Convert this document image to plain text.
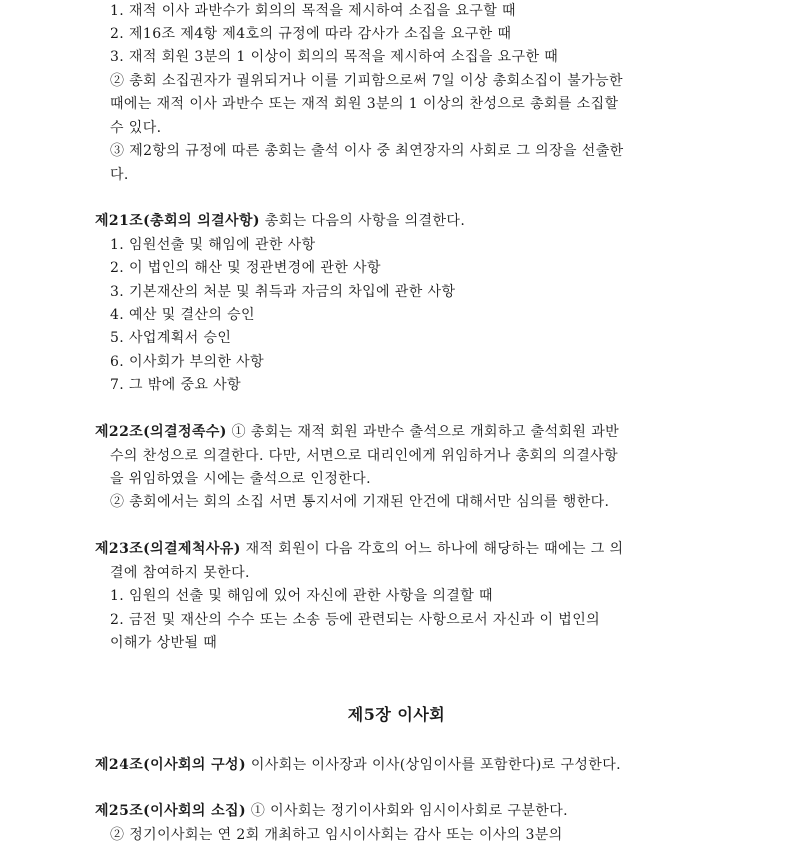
1. 재적 이사 과반수가 회의의 목적을 제시하여 소집을 요구할 때
2. 제16조 제4항 제4호의 규정에 따라 감사가 소집을 요구한 때
3. 재적 회원 3분의 1 이상이 회의의 목적을 제시하여 소집을 요구한 때
② 총회 소집권자가 궐위되거나 이를 기피함으로써 7일 이상 총회소집이 불가능한
때에는 재적 이사 과반수 또는 재적 회원 3분의 1 이상의 찬성으로 총회를 소집할
수 있다.
③ 제2항의 규정에 따른 총회는 출석 이사 중 최연장자의 사회로 그 의장을 선출한
다.
제21조(총회의 의결사항) 총회는 다음의 사항을 의결한다.
1. 임원선출 및 해임에 관한 사항
2. 이 법인의 해산 및 정관변경에 관한 사항
3. 기본재산의 처분 및 취득과 자금의 차입에 관한 사항
4. 예산 및 결산의 승인
5. 사업계획서 승인
6. 이사회가 부의한 사항
7. 그 밖에 중요 사항
제22조(의결정족수) ① 총회는 재적 회원 과반수 출석으로 개회하고 출석회원 과반
수의 찬성으로 의결한다. 다만, 서면으로 대리인에게 위임하거나 총회의 의결사항
을 위임하였을 시에는 출석으로 인정한다.
② 총회에서는 회의 소집 서면 통지서에 기재된 안건에 대해서만 심의를 행한다.
제23조(의결제척사유) 재적 회원이 다음 각호의 어느 하나에 해당하는 때에는 그 의
결에 참여하지 못한다.
1. 임원의 선출 및 해임에 있어 자신에 관한 사항을 의결할 때
2. 금전 및 재산의 수수 또는 소송 등에 관련되는 사항으로서 자신과 이 법인의
이해가 상반될 때
제5장 이사회
제24조(이사회의 구성) 이사회는 이사장과 이사(상임이사를 포함한다)로 구성한다.
제25조(이사회의 소집) ① 이사회는 정기이사회와 임시이사회로 구분한다.
② 정기이사회는 연 2회 개최하고 임시이사회는 감사 또는 이사의 3분의
